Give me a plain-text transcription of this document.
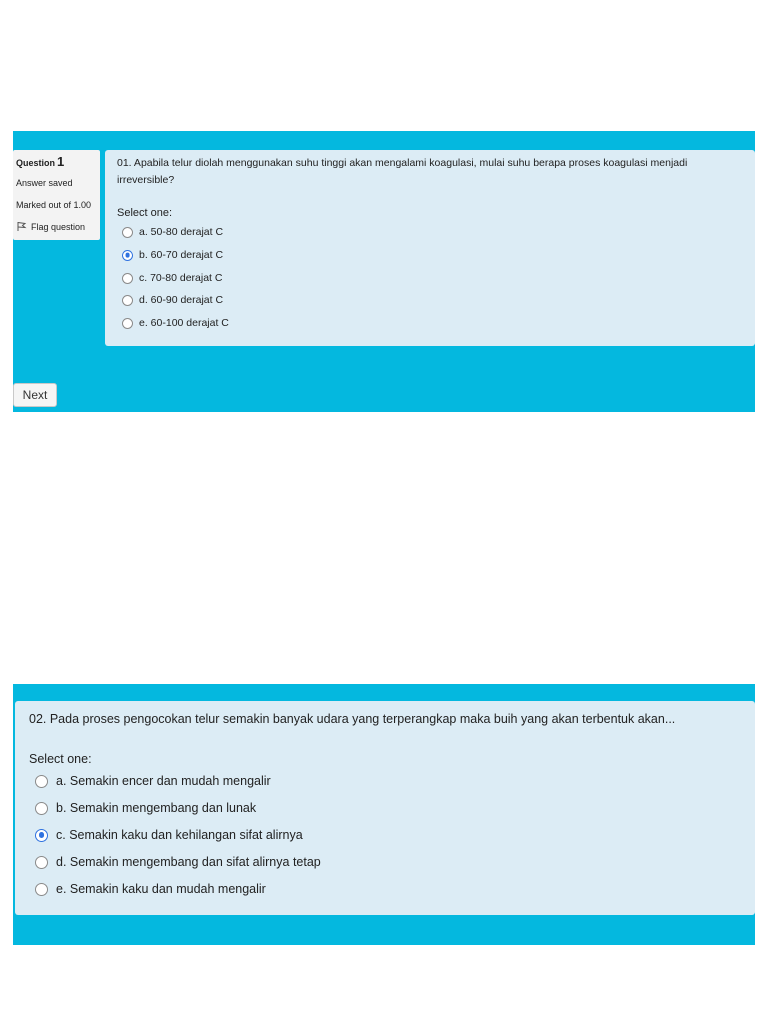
Question 1
Answer saved
Marked out of 1.00
Flag question
01. Apabila telur diolah menggunakan suhu tinggi akan mengalami koagulasi, mulai suhu berapa proses koagulasi menjadi
irreversible?
Select one:
a. 50-80 derajat C
b. 60-70 derajat C
c. 70-80 derajat C
d. 60-90 derajat C
e. 60-100 derajat C
Next
02. Pada proses pengocokan telur semakin banyak udara yang terperangkap maka buih yang akan terbentuk akan...
Select one:
a. Semakin encer dan mudah mengalir
b. Semakin mengembang dan lunak
c. Semakin kaku dan kehilangan sifat alirnya
d. Semakin mengembang dan sifat alirnya tetap
e. Semakin kaku dan mudah mengalir
